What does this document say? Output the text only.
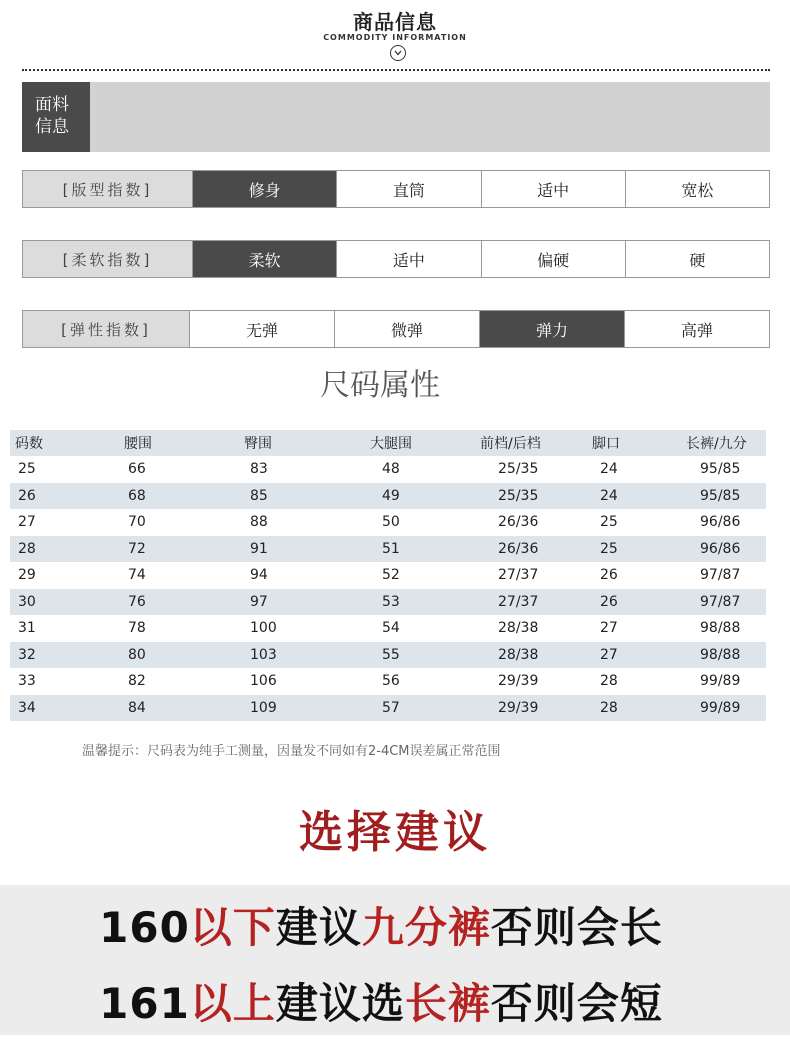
商品信息
COMMODITY INFORMATION
面料
信息
[版型指数]	修身	直筒	适中	宽松
[柔软指数]	柔软	适中	偏硬	硬
[弹性指数]	无弹	微弹	弹力	高弹
尺码属性
码数	腰围	臀围	大腿围	前档/后档	脚口	长裤/九分
25	66	83	48	25/35	24	95/85
26	68	85	49	25/35	24	95/85
27	70	88	50	26/36	25	96/86
28	72	91	51	26/36	25	96/86
29	74	94	52	27/37	26	97/87
30	76	97	53	27/37	26	97/87
31	78	100	54	28/38	27	98/88
32	80	103	55	28/38	27	98/88
33	82	106	56	29/39	28	99/89
34	84	109	57	29/39	28	99/89
温馨提示：尺码表为纯手工测量，因量发不同如有2-4CM误差属正常范围
选择建议
160以下建议九分裤否则会长
161以上建议选长裤否则会短
